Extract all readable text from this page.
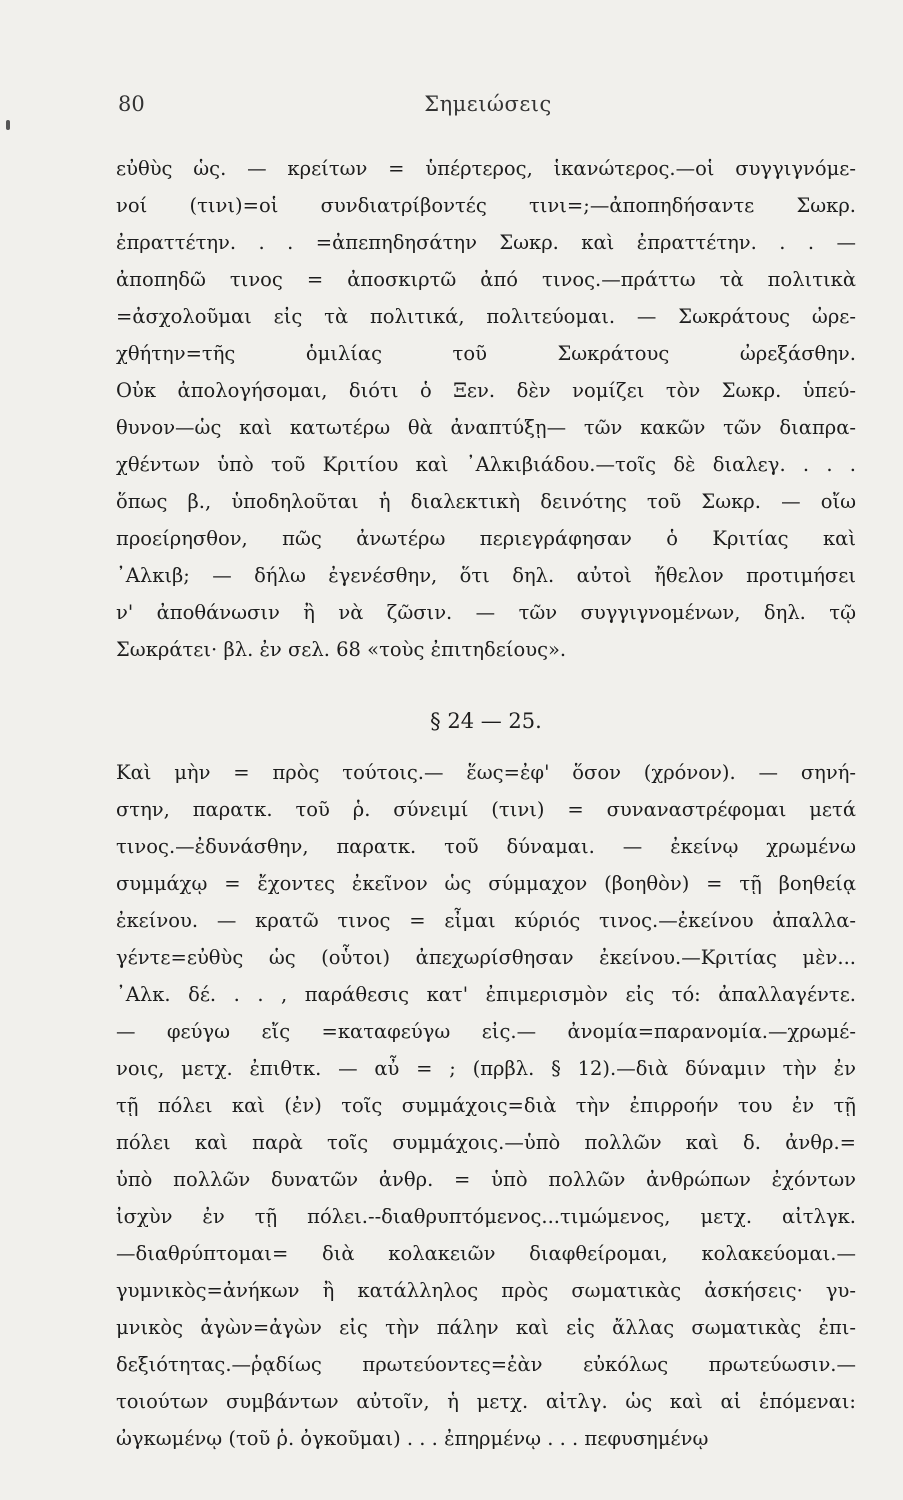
80	Σημειώσεις
εὐθὺς ὡς. — κρείτων = ὑπέρτερος, ἱκανώτερος.—οἱ συγγιγνόμε-
νοί (τινι)=οἱ συνδιατρίβοντές τινι=;—ἀποπηδήσαντε Σωκρ.
ἐπραττέτην. . . =ἀπεπηδησάτην Σωκρ. καὶ ἐπραττέτην. . . —
ἀποπηδῶ τινος = ἀποσκιρτῶ ἀπό τινος.—πράττω τὰ πολιτικὰ
=ἀσχολοῦμαι εἰς τὰ πολιτικά, πολιτεύομαι. — Σωκράτους ὠρε-
χθήτην=τῆς ὁμιλίας τοῦ Σωκράτους ὠρεξάσθην.
Οὐκ ἀπολογήσομαι, διότι ὁ Ξεν. δὲν νομίζει τὸν Σωκρ. ὑπεύ-
θυνον—ὡς καὶ κατωτέρω θὰ ἀναπτύξῃ— τῶν κακῶν τῶν διαπρα-
χθέντων ὑπὸ τοῦ Κριτίου καὶ ᾿Αλκιβιάδου.—τοῖς δὲ διαλεγ. . . .
ὅπως β., ὑποδηλοῦται ἡ διαλεκτικὴ δεινότης τοῦ Σωκρ. — οἴω
προείρησθον, πῶς ἀνωτέρω περιεγράφησαν ὁ Κριτίας καὶ
᾿Αλκιβ; — δήλω ἐγενέσθην, ὅτι δηλ. αὐτοὶ ἤθελον προτιμήσει
ν' ἀποθάνωσιν ἢ νὰ ζῶσιν. — τῶν συγγιγνομένων, δηλ. τῷ
Σωκράτει· βλ. ἐν σελ. 68 «τοὺς ἐπιτηδείους».
§ 24 — 25.
Καὶ μὴν = πρὸς τούτοις.— ἕως=ἐφ' ὅσον (χρόνον). — σηνή-
στην, παρατκ. τοῦ ῥ. σύνειμί (τινι) = συναναστρέφομαι μετά
τινος.—ἐδυνάσθην, παρατκ. τοῦ δύναμαι. — ἐκείνῳ χρωμένω
συμμάχῳ = ἔχοντες ἐκεῖνον ὡς σύμμαχον (βοηθὸν) = τῇ βοηθείᾳ
ἐκείνου. — κρατῶ τινος = εἶμαι κύριός τινος.—ἐκείνου ἀπαλλα-
γέντε=εὐθὺς ὡς (οὗτοι) ἀπεχωρίσθησαν ἐκείνου.—Κριτίας μὲν...
᾿Αλκ. δέ. . . , παράθεσις κατ' ἐπιμερισμὸν εἰς τό: ἀπαλλαγέντε.
— φεύγω εἴς =καταφεύγω εἰς.— ἀνομία=παρανομία.—χρωμέ-
νοις, μετχ. ἐπιθτκ. — αὖ = ; (πρβλ. § 12).—διὰ δύναμιν τὴν ἐν
τῇ πόλει καὶ (ἐν) τοῖς συμμάχοις=διὰ τὴν ἐπιρροήν του ἐν τῇ
πόλει καὶ παρὰ τοῖς συμμάχοις.—ὑπὸ πολλῶν καὶ δ. ἀνθρ.=
ὑπὸ πολλῶν δυνατῶν ἀνθρ. = ὑπὸ πολλῶν ἀνθρώπων ἐχόντων
ἰσχὺν ἐν τῇ πόλει.--διαθρυπτόμενος...τιμώμενος, μετχ. αἰτλγκ.
—διαθρύπτομαι= διὰ κολακειῶν διαφθείρομαι, κολακεύομαι.—
γυμνικὸς=ἀνήκων ἢ κατάλληλος πρὸς σωματικὰς ἀσκήσεις· γυ-
μνικὸς ἀγὼν=ἀγὼν εἰς τὴν πάλην καὶ εἰς ἄλλας σωματικὰς ἐπι-
δεξιότητας.—ῥᾳδίως πρωτεύοντες=ἐὰν εὐκόλως πρωτεύωσιν.—
τοιούτων συμβάντων αὐτοῖν, ἡ μετχ. αἰτλγ. ὡς καὶ αἱ ἑπόμεναι:
ὠγκωμένῳ (τοῦ ῥ. ὀγκοῦμαι) . . . ἐπηρμένῳ . . . πεφυσημένῳ
